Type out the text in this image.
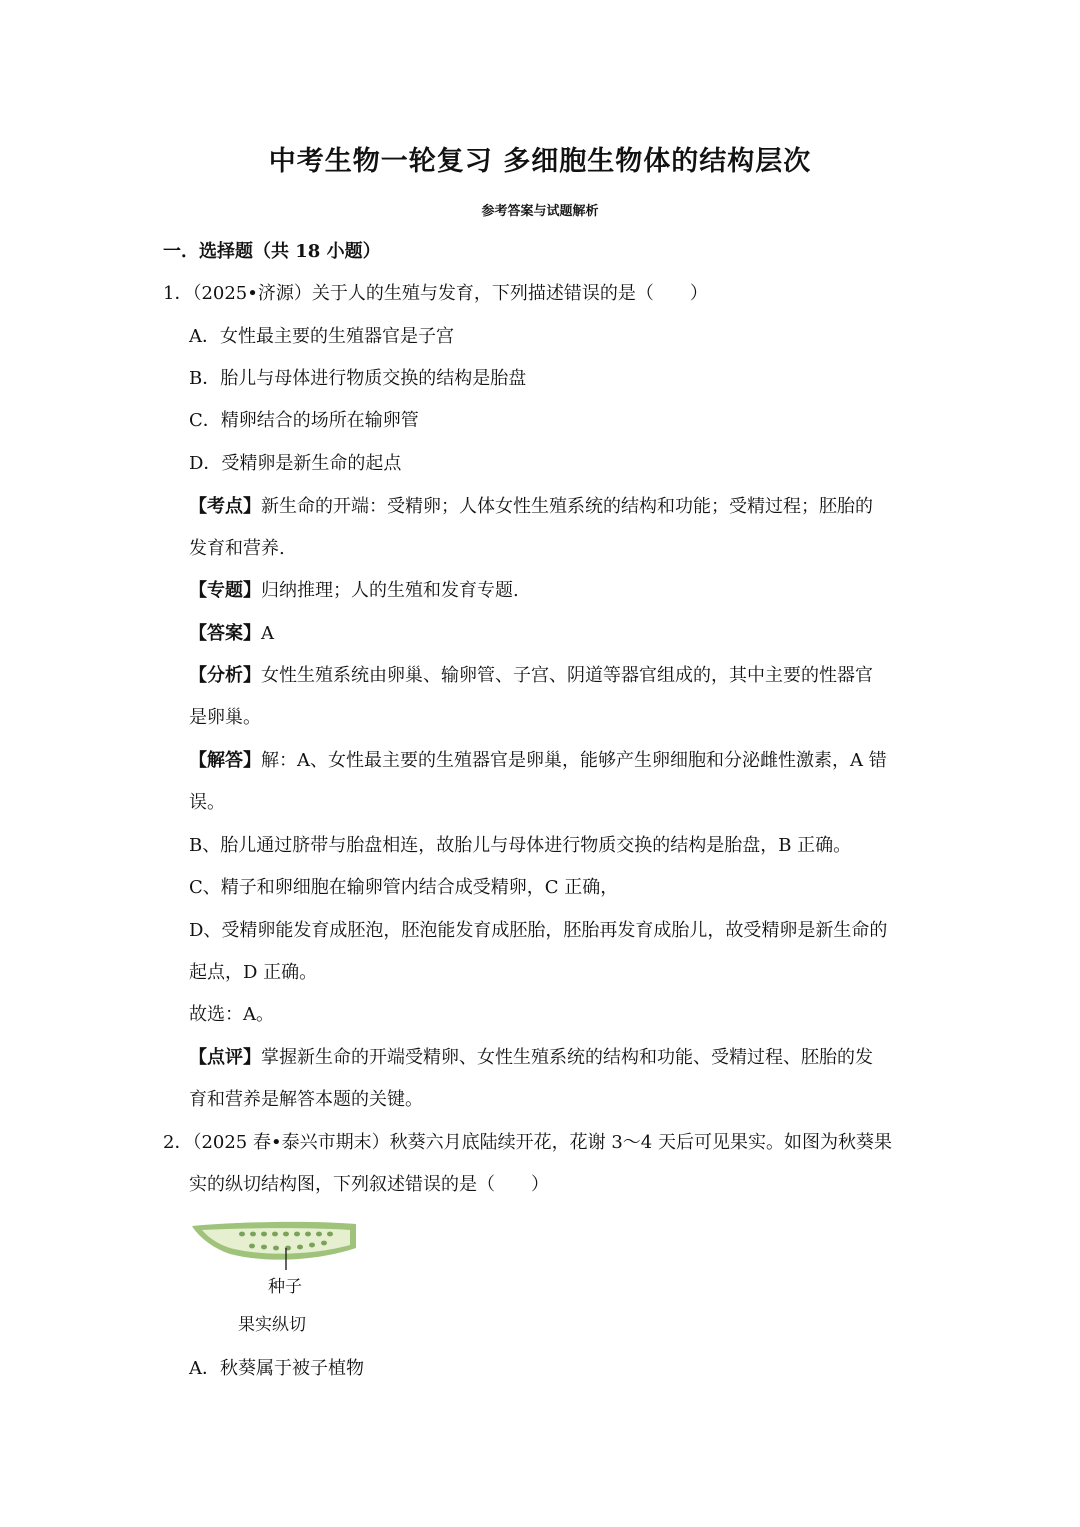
中考生物一轮复习 多细胞生物体的结构层次
参考答案与试题解析
一．选择题（共 18 小题）
1．（2025•济源）关于人的生殖与发育，下列描述错误的是（　　）
A．女性最主要的生殖器官是子宫
B．胎儿与母体进行物质交换的结构是胎盘
C．精卵结合的场所在输卵管
D．受精卵是新生命的起点
【考点】新生命的开端：受精卵；人体女性生殖系统的结构和功能；受精过程；胚胎的
发育和营养.
【专题】归纳推理；人的生殖和发育专题.
【答案】A
【分析】女性生殖系统由卵巢、输卵管、子宫、阴道等器官组成的，其中主要的性器官
是卵巢。
【解答】解：A、女性最主要的生殖器官是卵巢，能够产生卵细胞和分泌雌性激素，A 错
误。
B、胎儿通过脐带与胎盘相连，故胎儿与母体进行物质交换的结构是胎盘，B 正确。
C、精子和卵细胞在输卵管内结合成受精卵，C 正确，
D、受精卵能发育成胚泡，胚泡能发育成胚胎，胚胎再发育成胎儿，故受精卵是新生命的
起点，D 正确。
故选：A。
【点评】掌握新生命的开端受精卵、女性生殖系统的结构和功能、受精过程、胚胎的发
育和营养是解答本题的关键。
2．（2025 春•泰兴市期末）秋葵六月底陆续开花，花谢 3～4 天后可见果实。如图为秋葵果
实的纵切结构图，下列叙述错误的是（　　）
种子
果实纵切
A．秋葵属于被子植物
